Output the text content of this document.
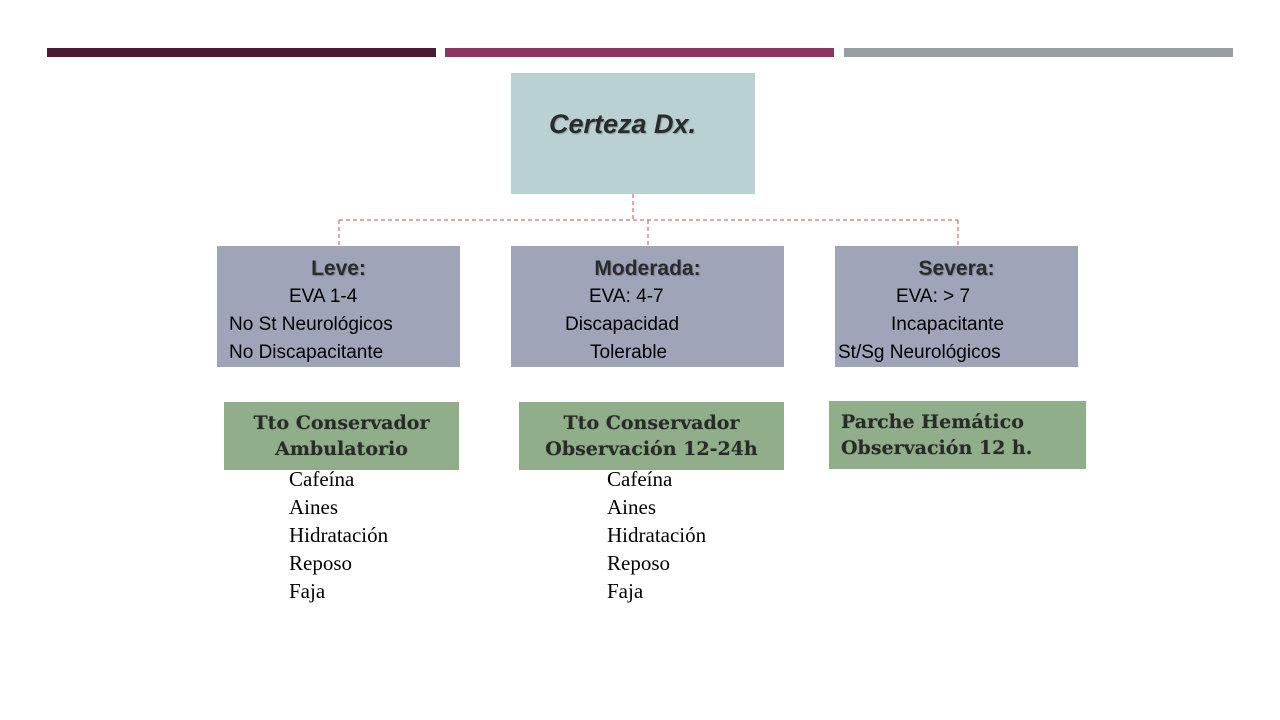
Certeza Dx.
Leve:
EVA 1-4
No St Neurológicos
No Discapacitante
Moderada:
EVA: 4-7
Discapacidad
Tolerable
Severa:
EVA: > 7
Incapacitante
St/Sg Neurológicos
Tto Conservador
Ambulatorio
Tto Conservador
Observación 12-24h
Parche Hemático
Observación 12 h.
Cafeína
Aines
Hidratación
Reposo
Faja
Cafeína
Aines
Hidratación
Reposo
Faja
